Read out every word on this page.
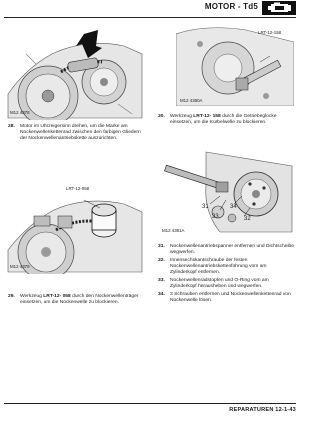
MOTOR - Td5
M12 4378
LRT-12-158
M12 4380A
28. Motor im Uhrzeigersinn drehen, um die Marke am Nockenwellenkettenrad zwischen den farbigen Gliedern der Nockenwellenantriebskette auszurichten.
LRT-12-058
M12 4379
29. Werkzeug LRT-12- 058 durch den Nockenwellenträger einsetzen, um die Nockenwelle zu blockieren.
30. Werkzeug LRT-12- 158 durch die Getriebeglocke einsetzen, um die Kurbelwelle zu blockieren.
31
32
33
34
M12 4381A
31. Nockenwellenantriebspanner entfernen und Dichtscheibe wegwerfen.
32. Innensechskantschraube der festen Nockenwellenantriebskettenführung vom am Zylinderkopf entfernen.
33. Nockenwellenradstopfen und O-Ring vom am Zylinderkopf herausheben und wegwerfen.
34. 3 Schrauben entfernen und Nockenwellenkettenrad von Nockenwelle lösen.
REPARATUREN 12-1-43
